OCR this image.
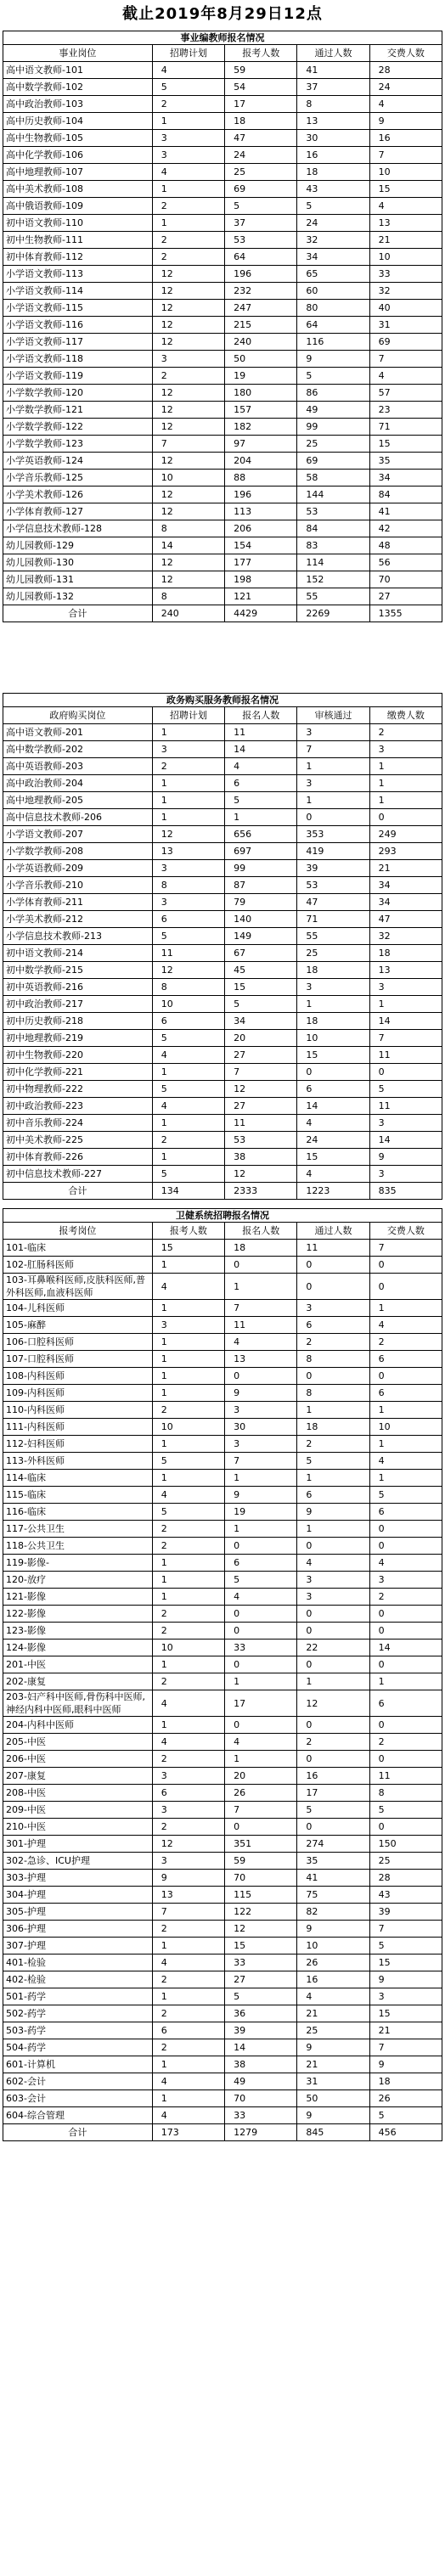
截止2019年8月29日12点
事业编教师报名情况
事业岗位	招聘计划	报考人数	通过人数	交费人数
高中语文教师-101	4	59	41	28
高中数学教师-102	5	54	37	24
高中政治教师-103	2	17	8	4
高中历史教师-104	1	18	13	9
高中生物教师-105	3	47	30	16
高中化学教师-106	3	24	16	7
高中地理教师-107	4	25	18	10
高中美术教师-108	1	69	43	15
高中俄语教师-109	2	5	5	4
初中语文教师-110	1	37	24	13
初中生物教师-111	2	53	32	21
初中体育教师-112	2	64	34	10
小学语文教师-113	12	196	65	33
小学语文教师-114	12	232	60	32
小学语文教师-115	12	247	80	40
小学语文教师-116	12	215	64	31
小学语文教师-117	12	240	116	69
小学语文教师-118	3	50	9	7
小学语文教师-119	2	19	5	4
小学数学教师-120	12	180	86	57
小学数学教师-121	12	157	49	23
小学数学教师-122	12	182	99	71
小学数学教师-123	7	97	25	15
小学英语教师-124	12	204	69	35
小学音乐教师-125	10	88	58	34
小学美术教师-126	12	196	144	84
小学体育教师-127	12	113	53	41
小学信息技术教师-128	8	206	84	42
幼儿园教师-129	14	154	83	48
幼儿园教师-130	12	177	114	56
幼儿园教师-131	12	198	152	70
幼儿园教师-132	8	121	55	27
合计	240	4429	2269	1355
政务购买服务教师报名情况
政府购买岗位	招聘计划	报名人数	审核通过	缴费人数
高中语文教师-201	1	11	3	2
高中数学教师-202	3	14	7	3
高中英语教师-203	2	4	1	1
高中政治教师-204	1	6	3	1
高中地理教师-205	1	5	1	1
高中信息技术教师-206	1	1	0	0
小学语文教师-207	12	656	353	249
小学数学教师-208	13	697	419	293
小学英语教师-209	3	99	39	21
小学音乐教师-210	8	87	53	34
小学体育教师-211	3	79	47	34
小学美术教师-212	6	140	71	47
小学信息技术教师-213	5	149	55	32
初中语文教师-214	11	67	25	18
初中数学教师-215	12	45	18	13
初中英语教师-216	8	15	3	3
初中政治教师-217	10	5	1	1
初中历史教师-218	6	34	18	14
初中地理教师-219	5	20	10	7
初中生物教师-220	4	27	15	11
初中化学教师-221	1	7	0	0
初中物理教师-222	5	12	6	5
初中政治教师-223	4	27	14	11
初中音乐教师-224	1	11	4	3
初中美术教师-225	2	53	24	14
初中体育教师-226	1	38	15	9
初中信息技术教师-227	5	12	4	3
合计	134	2333	1223	835
卫健系统招聘报名情况
报考岗位	报考人数	报名人数	通过人数	交费人数
101-临床	15	18	11	7
102-肛肠科医师	1	0	0	0
103-耳鼻喉科医师,皮肤科医师,普外科医师,血液科医师	4	1	0	0
104-儿科医师	1	7	3	1
105-麻醉	3	11	6	4
106-口腔科医师	1	4	2	2
107-口腔科医师	1	13	8	6
108-内科医师	1	0	0	0
109-内科医师	1	9	8	6
110-内科医师	2	3	1	1
111-内科医师	10	30	18	10
112-妇科医师	1	3	2	1
113-外科医师	5	7	5	4
114-临床	1	1	1	1
115-临床	4	9	6	5
116-临床	5	19	9	6
117-公共卫生	2	1	1	0
118-公共卫生	2	0	0	0
119-影像-	1	6	4	4
120-放疗	1	5	3	3
121-影像	1	4	3	2
122-影像	2	0	0	0
123-影像	2	0	0	0
124-影像	10	33	22	14
201-中医	1	0	0	0
202-康复	2	1	1	1
203-妇产科中医师,骨伤科中医师,神经内科中医师,眼科中医师	4	17	12	6
204-内科中医师	1	0	0	0
205-中医	4	4	2	2
206-中医	2	1	0	0
207-康复	3	20	16	11
208-中医	6	26	17	8
209-中医	3	7	5	5
210-中医	2	0	0	0
301-护理	12	351	274	150
302-急诊、ICU护理	3	59	35	25
303-护理	9	70	41	28
304-护理	13	115	75	43
305-护理	7	122	82	39
306-护理	2	12	9	7
307-护理	1	15	10	5
401-检验	4	33	26	15
402-检验	2	27	16	9
501-药学	1	5	4	3
502-药学	2	36	21	15
503-药学	6	39	25	21
504-药学	2	14	9	7
601-计算机	1	38	21	9
602-会计	4	49	31	18
603-会计	1	70	50	26
604-综合管理	4	33	9	5
合计	173	1279	845	456
